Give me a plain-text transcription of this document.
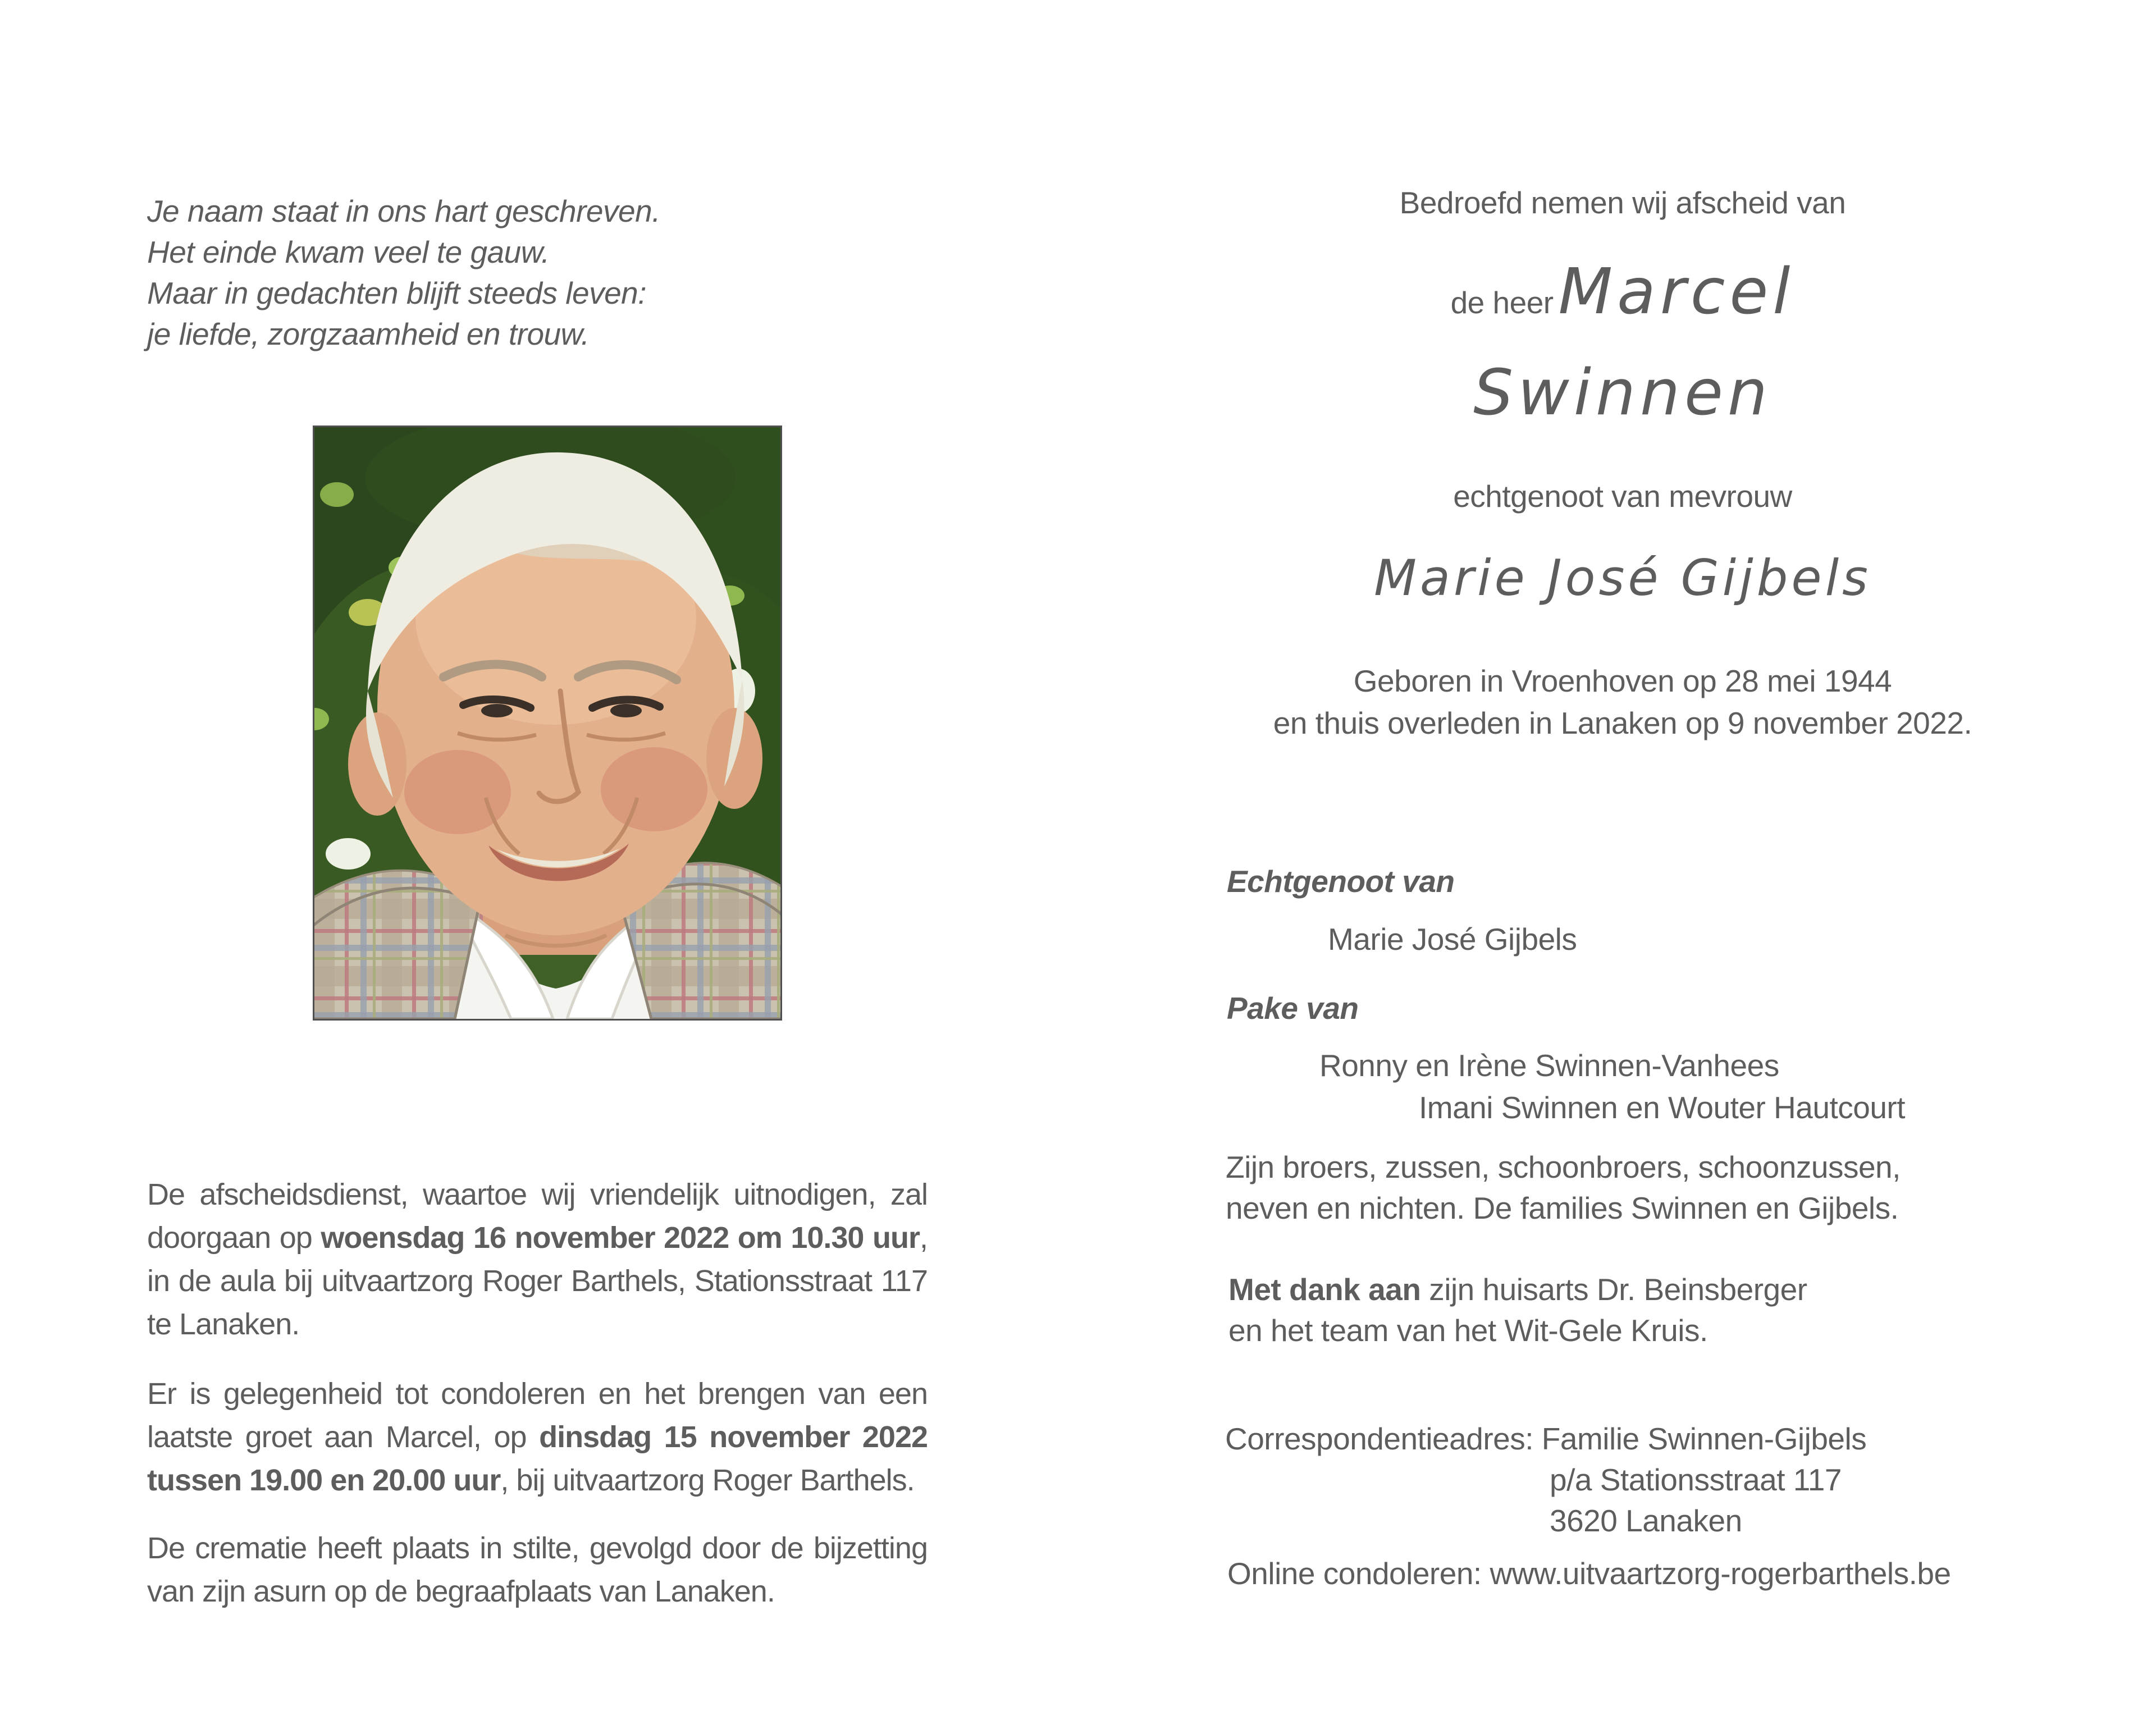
Je naam staat in ons hart geschreven.
Het einde kwam veel te gauw.
Maar in gedachten blijft steeds leven:
je liefde, zorgzaamheid en trouw.
De afscheidsdienst, waartoe wij vriendelijk uitnodigen, zal doorgaan op woensdag 16 november 2022 om 10.30 uur, in de aula bij uitvaartzorg Roger Barthels, Stationsstraat 117 te Lanaken.
Er is gelegenheid tot condoleren en het brengen van een laatste groet aan Marcel, op dinsdag 15 november 2022 tussen 19.00 en 20.00 uur, bij uitvaartzorg Roger Barthels.
De crematie heeft plaats in stilte, gevolgd door de bijzetting van zijn asurn op de begraafplaats van Lanaken.
Bedroefd nemen wij afscheid van
de heer  Marcel
Swinnen
echtgenoot van mevrouw
Marie José Gijbels
Geboren in Vroenhoven op 28 mei 1944
en thuis overleden in Lanaken op 9 november 2022.
Echtgenoot van
Marie José Gijbels
Pake van
Ronny en Irène Swinnen-Vanhees
Imani Swinnen en Wouter Hautcourt
Zijn broers, zussen, schoonbroers, schoonzussen,
neven en nichten. De families Swinnen en Gijbels.
Met dank aan zijn huisarts Dr. Beinsberger
en het team van het Wit-Gele Kruis.
Correspondentieadres: Familie Swinnen-Gijbels
p/a Stationsstraat 117
3620 Lanaken
Online condoleren: www.uitvaartzorg-rogerbarthels.be
